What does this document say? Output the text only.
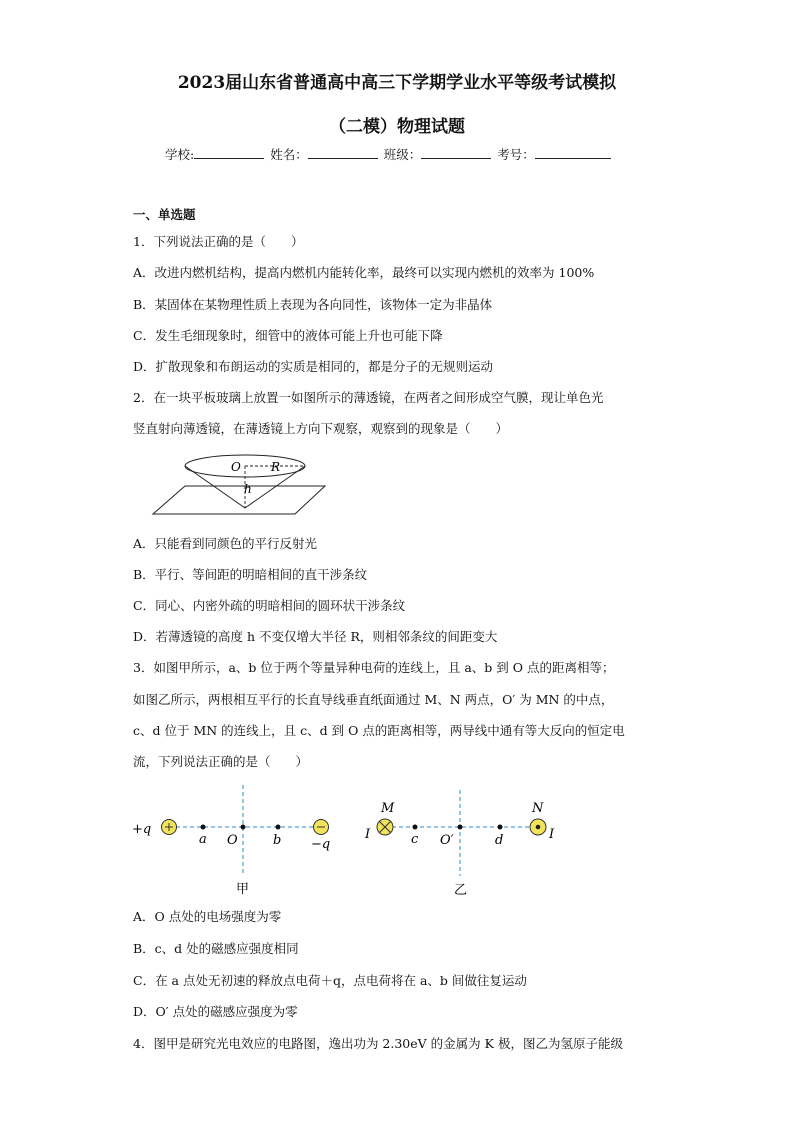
2023届山东省普通高中高三下学期学业水平等级考试模拟
（二模）物理试题
学校:	姓名：	班级：	考号：
一、单选题
1．下列说法正确的是（　　）
A．改进内燃机结构，提高内燃机内能转化率，最终可以实现内燃机的效率为 100%
B．某固体在某物理性质上表现为各向同性，该物体一定为非晶体
C．发生毛细现象时，细管中的液体可能上升也可能下降
D．扩散现象和布朗运动的实质是相同的，都是分子的无规则运动
2．在一块平板玻璃上放置一如图所示的薄透镜，在两者之间形成空气膜，现让单色光
竖直射向薄透镜，在薄透镜上方向下观察，观察到的现象是（　　）
O	R
h
A．只能看到同颜色的平行反射光
B．平行、等间距的明暗相间的直干涉条纹
C．同心、内密外疏的明暗相间的圆环状干涉条纹
D．若薄透镜的高度 h 不变仅增大半径 R，则相邻条纹的间距变大
3．如图甲所示，a、b 位于两个等量异种电荷的连线上，且 a、b 到 O 点的距离相等；
如图乙所示，两根相互平行的长直导线垂直纸面通过 M、N 两点，O′ 为 MN 的中点，
c、d 位于 MN 的连线上，且 c、d 到 O 点的距离相等，两导线中通有等大反向的恒定电
流，下列说法正确的是（　　）
+q
a O	b −q
甲
M	N
I	I
c O′	d
乙
A．O 点处的电场强度为零
B．c、d 处的磁感应强度相同
C．在 a 点处无初速的释放点电荷＋q，点电荷将在 a、b 间做往复运动
D．O′ 点处的磁感应强度为零
4．图甲是研究光电效应的电路图，逸出功为 2.30eV 的金属为 K 极，图乙为氢原子能级
